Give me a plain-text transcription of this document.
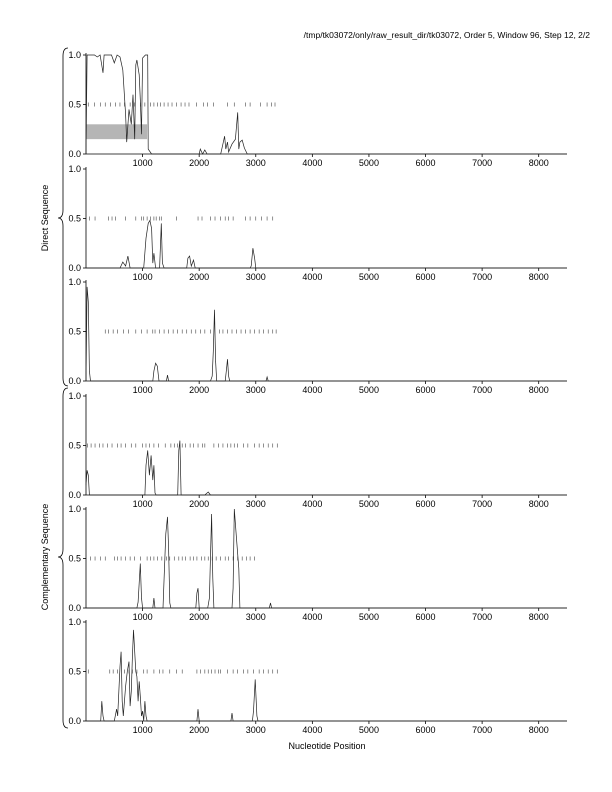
/tmp/tk03072/only/raw_result_dir/tk03072, Order 5, Window 96, Step 12, 2/2
0.0
0.5
1.0
1000	2000	3000	4000	5000	6000	7000	8000
0.0
0.5
1.0
1000	2000	3000	4000	5000	6000	7000	8000
0.0
0.5
1.0
1000	2000	3000	4000	5000	6000	7000	8000
0.0
0.5
1.0
1000	2000	3000	4000	5000	6000	7000	8000
0.0
0.5
1.0
1000	2000	3000	4000	5000	6000	7000	8000
0.0
0.5
1.0
1000	2000	3000	4000	5000	6000	7000	8000
Nucleotide Position
Direct Sequence
Complementary Sequence
